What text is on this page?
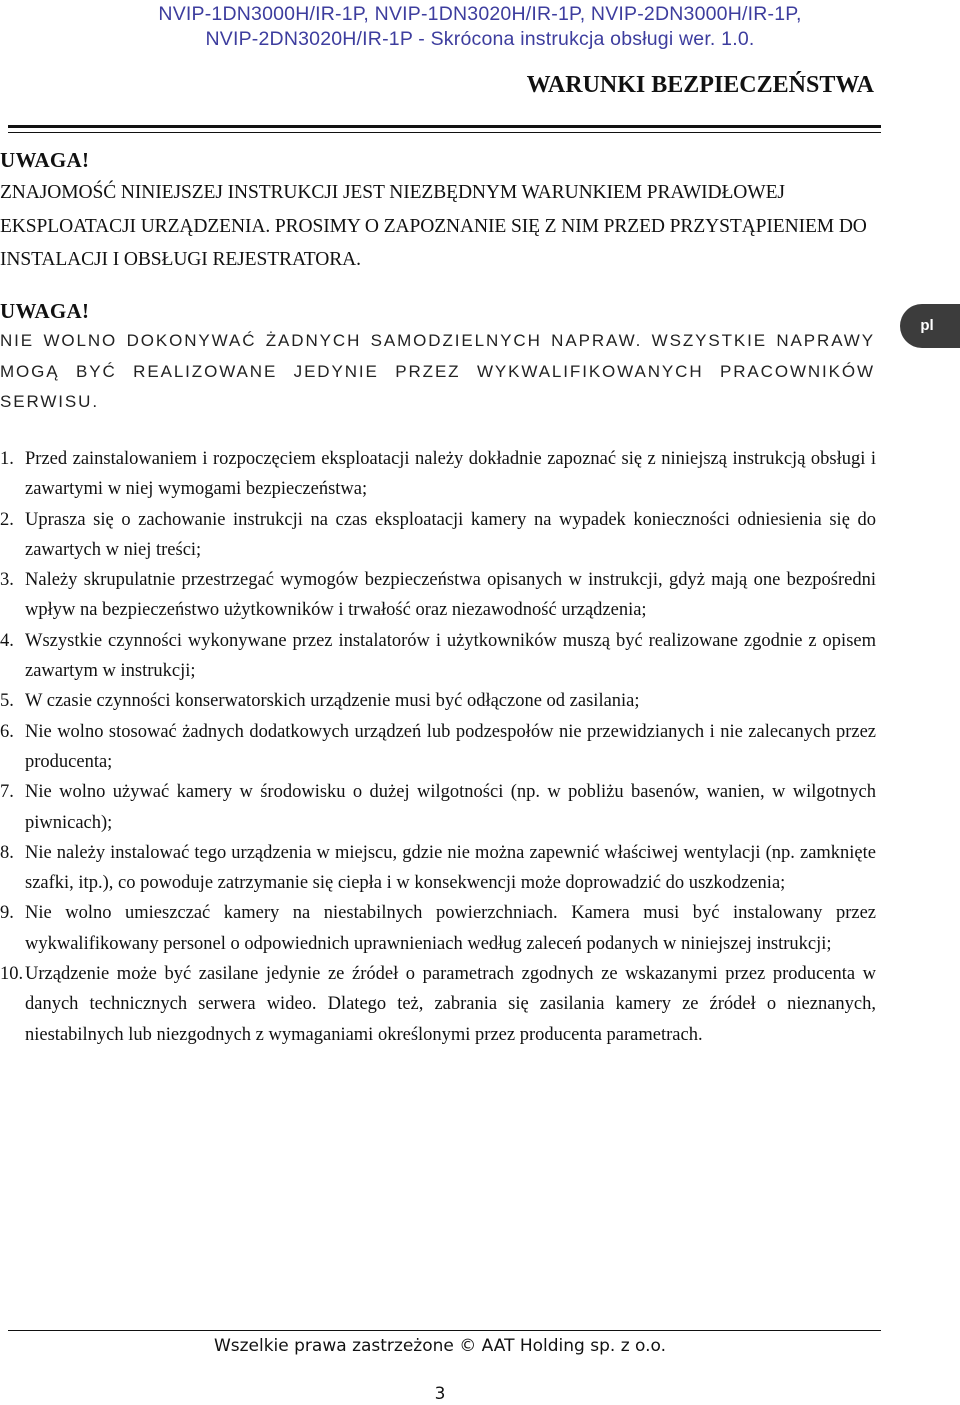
NVIP-1DN3000H/IR-1P, NVIP-1DN3020H/IR-1P, NVIP-2DN3000H/IR-1P,
NVIP-2DN3020H/IR-1P - Skrócona instrukcja obsługi wer. 1.0.
WARUNKI BEZPIECZEŃSTWA
UWAGA!
ZNAJOMOŚĆ NINIEJSZEJ INSTRUKCJI JEST NIEZBĘDNYM WARUNKIEM PRAWIDŁOWEJ EKSPLOATACJI URZĄDZENIA. PROSIMY O ZAPOZNANIE SIĘ Z NIM PRZED PRZYSTĄPIENIEM DO INSTALACJI I OBSŁUGI REJESTRATORA.
UWAGA!
NIE WOLNO DOKONYWAĆ ŻADNYCH SAMODZIELNYCH NAPRAW. WSZYSTKIE NAPRAWY MOGĄ BYĆ REALIZOWANE JEDYNIE PRZEZ WYKWALIFIKOWANYCH PRACOWNIKÓW SERWISU.
pl
1. Przed zainstalowaniem i rozpoczęciem eksploatacji należy dokładnie zapoznać się z niniejszą instrukcją obsługi i zawartymi w niej wymogami bezpieczeństwa;
2. Uprasza się o zachowanie instrukcji na czas eksploatacji kamery na wypadek konieczności odniesienia się do zawartych w niej treści;
3. Należy skrupulatnie przestrzegać wymogów bezpieczeństwa opisanych w instrukcji, gdyż mają one bezpośredni wpływ na bezpieczeństwo użytkowników i trwałość oraz niezawodność urządzenia;
4. Wszystkie czynności wykonywane przez instalatorów i użytkowników muszą być realizowane zgodnie z opisem zawartym w instrukcji;
5. W czasie czynności konserwatorskich urządzenie musi być odłączone od zasilania;
6. Nie wolno stosować żadnych dodatkowych urządzeń lub podzespołów nie przewidzianych i nie zalecanych przez producenta;
7. Nie wolno używać kamery w środowisku o dużej wilgotności (np. w pobliżu basenów, wanien, w wilgotnych piwnicach);
8. Nie należy instalować tego urządzenia w miejscu, gdzie nie można zapewnić właściwej wentylacji (np. zamknięte szafki, itp.), co powoduje zatrzymanie się ciepła i w konsekwencji może doprowadzić do uszkodzenia;
9. Nie wolno umieszczać kamery na niestabilnych powierzchniach. Kamera musi być instalowany przez wykwalifikowany personel o odpowiednich uprawnieniach według zaleceń podanych w niniejszej instrukcji;
10. Urządzenie może być zasilane jedynie ze źródeł o parametrach zgodnych ze wskazanymi przez producenta w danych technicznych serwera wideo. Dlatego też, zabrania się zasilania kamery ze źródeł o nieznanych, niestabilnych lub niezgodnych z wymaganiami określonymi przez producenta parametrach.
Wszelkie prawa zastrzeżone © AAT Holding sp. z o.o.
3
